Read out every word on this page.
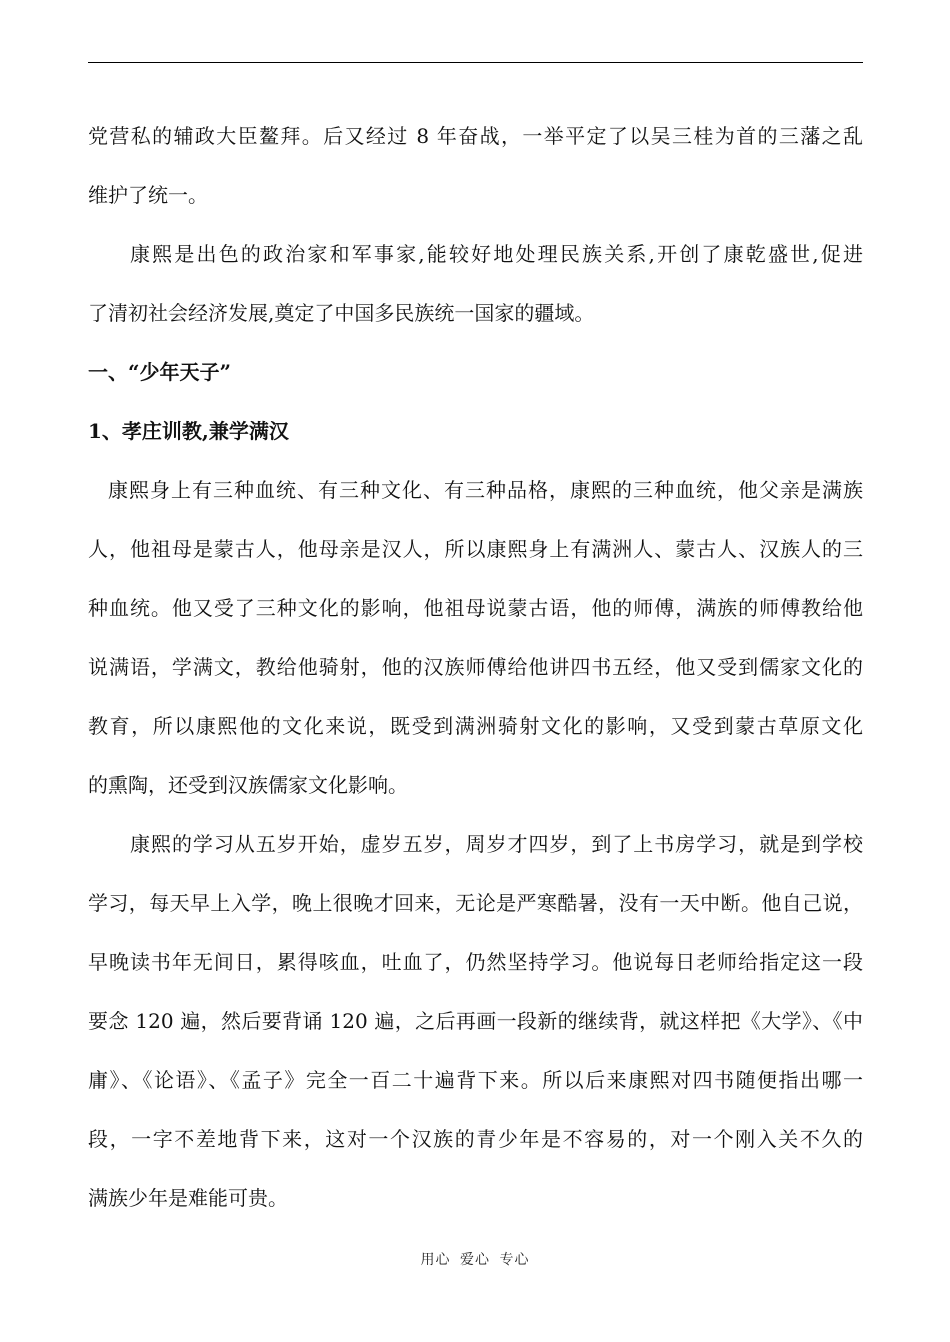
党营私的辅政大臣鳌拜。后又经过 8 年奋战，一举平定了以吴三桂为首的三藩之乱
维护了统一。
康熙是出色的政治家和军事家,能较好地处理民族关系,开创了康乾盛世,促进
了清初社会经济发展,奠定了中国多民族统一国家的疆域。
一、“少年天子”
1、孝庄训教,兼学满汉
康熙身上有三种血统、有三种文化、有三种品格，康熙的三种血统，他父亲是满族
人，他祖母是蒙古人，他母亲是汉人，所以康熙身上有满洲人、蒙古人、汉族人的三
种血统。他又受了三种文化的影响，他祖母说蒙古语，他的师傅，满族的师傅教给他
说满语，学满文，教给他骑射，他的汉族师傅给他讲四书五经，他又受到儒家文化的
教育，所以康熙他的文化来说，既受到满洲骑射文化的影响，又受到蒙古草原文化
的熏陶，还受到汉族儒家文化影响。
康熙的学习从五岁开始，虚岁五岁，周岁才四岁，到了上书房学习，就是到学校
学习，每天早上入学，晚上很晚才回来，无论是严寒酷暑，没有一天中断。他自己说，
早晚读书年无间日，累得咳血，吐血了，仍然坚持学习。他说每日老师给指定这一段
要念 120 遍，然后要背诵 120 遍，之后再画一段新的继续背，就这样把《大学》、《中
庸》、《论语》、《孟子》完全一百二十遍背下来。所以后来康熙对四书随便指出哪一
段，一字不差地背下来，这对一个汉族的青少年是不容易的，对一个刚入关不久的
满族少年是难能可贵。
用心 爱心 专心
